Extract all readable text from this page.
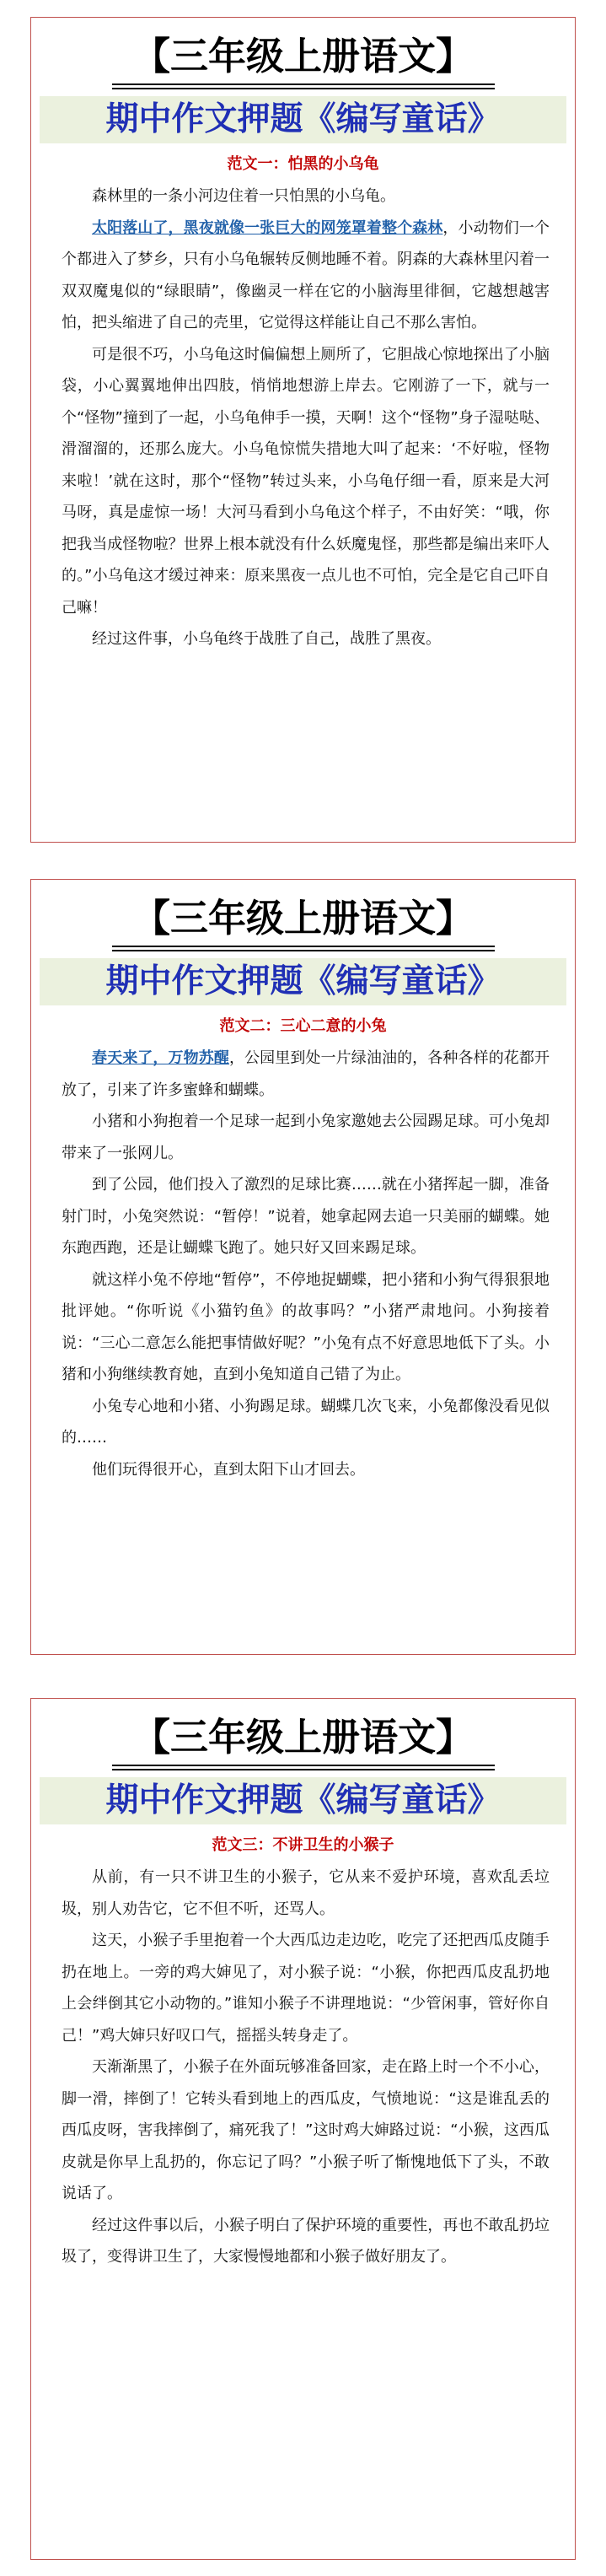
【三年级上册语文】
期中作文押题《编写童话》
范文一：怕黑的小乌龟

森林里的一条小河边住着一只怕黑的小乌龟。

太阳落山了，黑夜就像一张巨大的网笼罩着整个森林，小动物们一个个都进入了梦乡，只有小乌龟辗转反侧地睡不着。阴森的大森林里闪着一双双魔鬼似的“绿眼睛”，像幽灵一样在它的小脑海里徘徊，它越想越害怕，把头缩进了自己的壳里，它觉得这样能让自己不那么害怕。

可是很不巧，小乌龟这时偏偏想上厕所了，它胆战心惊地探出了小脑袋，小心翼翼地伸出四肢，悄悄地想游上岸去。它刚游了一下，就与一个“怪物”撞到了一起，小乌龟伸手一摸，天啊！这个“怪物”身子湿哒哒、滑溜溜的，还那么庞大。小乌龟惊慌失措地大叫了起来：‘不好啦，怪物来啦！’就在这时，那个“怪物”转过头来，小乌龟仔细一看，原来是大河马呀，真是虚惊一场！大河马看到小乌龟这个样子，不由好笑：“哦，你把我当成怪物啦？世界上根本就没有什么妖魔鬼怪，那些都是编出来吓人的。”小乌龟这才缓过神来：原来黑夜一点儿也不可怕，完全是它自己吓自己嘛！

经过这件事，小乌龟终于战胜了自己，战胜了黑夜。

【三年级上册语文】
期中作文押题《编写童话》
范文二：三心二意的小兔

春天来了，万物苏醒，公园里到处一片绿油油的，各种各样的花都开放了，引来了许多蜜蜂和蝴蝶。

小猪和小狗抱着一个足球一起到小兔家邀她去公园踢足球。可小兔却带来了一张网儿。

到了公园，他们投入了激烈的足球比赛……就在小猪挥起一脚，准备射门时，小兔突然说：“暂停！”说着，她拿起网去追一只美丽的蝴蝶。她东跑西跑，还是让蝴蝶飞跑了。她只好又回来踢足球。

就这样小兔不停地“暂停”，不停地捉蝴蝶，把小猪和小狗气得狠狠地批评她。“你听说《小猫钓鱼》的故事吗？”小猪严肃地问。小狗接着说：“三心二意怎么能把事情做好呢？”小兔有点不好意思地低下了头。小猪和小狗继续教育她，直到小兔知道自己错了为止。

小兔专心地和小猪、小狗踢足球。蝴蝶几次飞来，小兔都像没看见似的……

他们玩得很开心，直到太阳下山才回去。

【三年级上册语文】
期中作文押题《编写童话》
范文三：不讲卫生的小猴子

从前，有一只不讲卫生的小猴子，它从来不爱护环境，喜欢乱丢垃圾，别人劝告它，它不但不听，还骂人。

这天，小猴子手里抱着一个大西瓜边走边吃，吃完了还把西瓜皮随手扔在地上。一旁的鸡大婶见了，对小猴子说：“小猴，你把西瓜皮乱扔地上会绊倒其它小动物的。”谁知小猴子不讲理地说：“少管闲事，管好你自己！”鸡大婶只好叹口气，摇摇头转身走了。

天渐渐黑了，小猴子在外面玩够准备回家，走在路上时一个不小心，脚一滑，摔倒了！它转头看到地上的西瓜皮，气愤地说：“这是谁乱丢的西瓜皮呀，害我摔倒了，痛死我了！”这时鸡大婶路过说：“小猴，这西瓜皮就是你早上乱扔的，你忘记了吗？”小猴子听了惭愧地低下了头，不敢说话了。

经过这件事以后，小猴子明白了保护环境的重要性，再也不敢乱扔垃圾了，变得讲卫生了，大家慢慢地都和小猴子做好朋友了。
